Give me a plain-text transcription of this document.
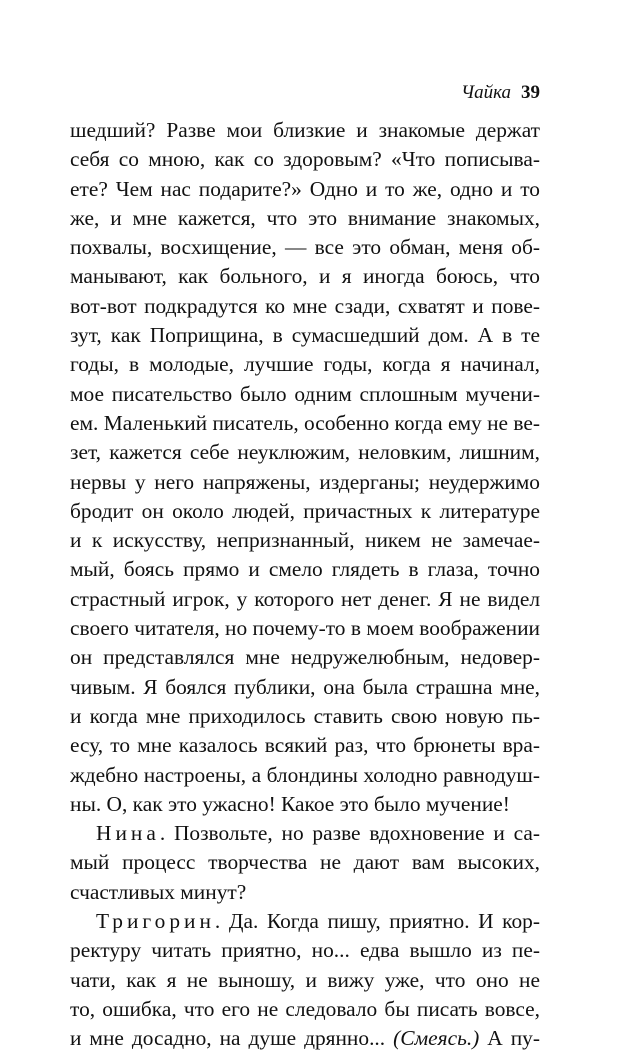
Чайка 39
шедший? Разве мои близкие и знакомые держат
себя со мною, как со здоровым? «Что пописыва-
ете? Чем нас подарите?» Одно и то же, одно и то
же, и мне кажется, что это внимание знакомых,
похвалы, восхищение, — все это обман, меня об-
манывают, как больного, и я иногда боюсь, что
вот-вот подкрадутся ко мне сзади, схватят и пове-
зут, как Поприщина, в сумасшедший дом. А в те
годы, в молодые, лучшие годы, когда я начинал,
мое писательство было одним сплошным мучени-
ем. Маленький писатель, особенно когда ему не ве-
зет, кажется себе неуклюжим, неловким, лишним,
нервы у него напряжены, издерганы; неудержимо
бродит он около людей, причастных к литературе
и к искусству, непризнанный, никем не замечае-
мый, боясь прямо и смело глядеть в глаза, точно
страстный игрок, у которого нет денег. Я не видел
своего читателя, но почему-то в моем воображении
он представлялся мне недружелюбным, недовер-
чивым. Я боялся публики, она была страшна мне,
и когда мне приходилось ставить свою новую пь-
есу, то мне казалось всякий раз, что брюнеты вра-
ждебно настроены, а блондины холодно равнодуш-
ны. О, как это ужасно! Какое это было мучение!
Нина. Позвольте, но разве вдохновение и са-
мый процесс творчества не дают вам высоких,
счастливых минут?
Тригорин. Да. Когда пишу, приятно. И кор-
ректуру читать приятно, но... едва вышло из пе-
чати, как я не выношу, и вижу уже, что оно не
то, ошибка, что его не следовало бы писать вовсе,
и мне досадно, на душе дрянно... (Смеясь.) А пу-
